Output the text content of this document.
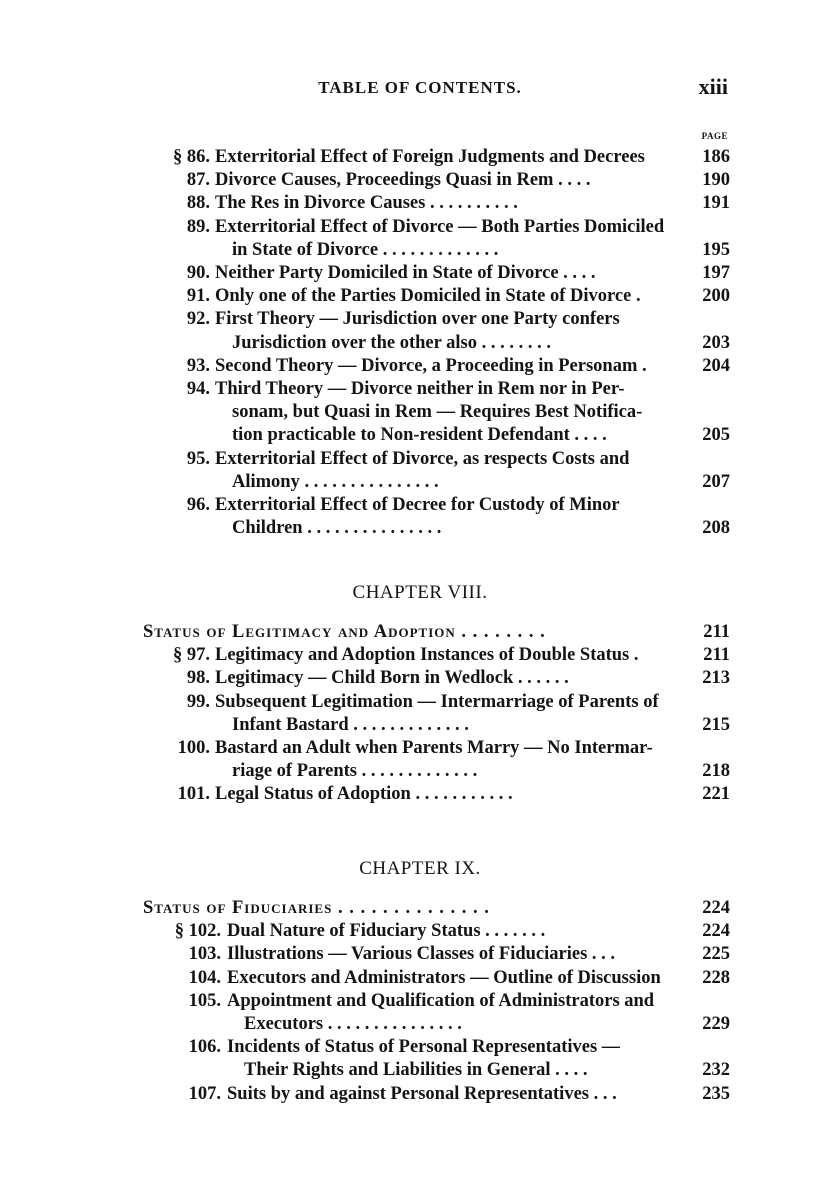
TABLE OF CONTENTS.	xiii
PAGE
§ 86. Exterritorial Effect of Foreign Judgments and Decrees	186
87. Divorce Causes, Proceedings Quasi in Rem . . . .	190
88. The Res in Divorce Causes . . . . . . . . . .	191
89. Exterritorial Effect of Divorce — Both Parties Domiciled
in State of Divorce . . . . . . . . . . . . .	195
90. Neither Party Domiciled in State of Divorce . . . .	197
91. Only one of the Parties Domiciled in State of Divorce .	200
92. First Theory — Jurisdiction over one Party confers
Jurisdiction over the other also . . . . . . . .	203
93. Second Theory — Divorce, a Proceeding in Personam .	204
94. Third Theory — Divorce neither in Rem nor in Per-
sonam, but Quasi in Rem — Requires Best Notifica-
tion practicable to Non-resident Defendant . . . .	205
95. Exterritorial Effect of Divorce, as respects Costs and
Alimony . . . . . . . . . . . . . . .	207
96. Exterritorial Effect of Decree for Custody of Minor
Children . . . . . . . . . . . . . . .	208
CHAPTER VIII.
Status of Legitimacy and Adoption . . . . . . . .	211
§ 97. Legitimacy and Adoption Instances of Double Status .	211
98. Legitimacy — Child Born in Wedlock . . . . . .	213
99. Subsequent Legitimation — Intermarriage of Parents of
Infant Bastard . . . . . . . . . . . . .	215
100. Bastard an Adult when Parents Marry — No Intermar-
riage of Parents . . . . . . . . . . . . .	218
101. Legal Status of Adoption . . . . . . . . . . .	221
CHAPTER IX.
Status of Fiduciaries . . . . . . . . . . . . . .	224
§ 102. Dual Nature of Fiduciary Status . . . . . . .	224
103. Illustrations — Various Classes of Fiduciaries . . .	225
104. Executors and Administrators — Outline of Discussion 228
105. Appointment and Qualification of Administrators and
Executors . . . . . . . . . . . . . . .	229
106. Incidents of Status of Personal Representatives —
Their Rights and Liabilities in General . . . .	232
107. Suits by and against Personal Representatives . . .	235
